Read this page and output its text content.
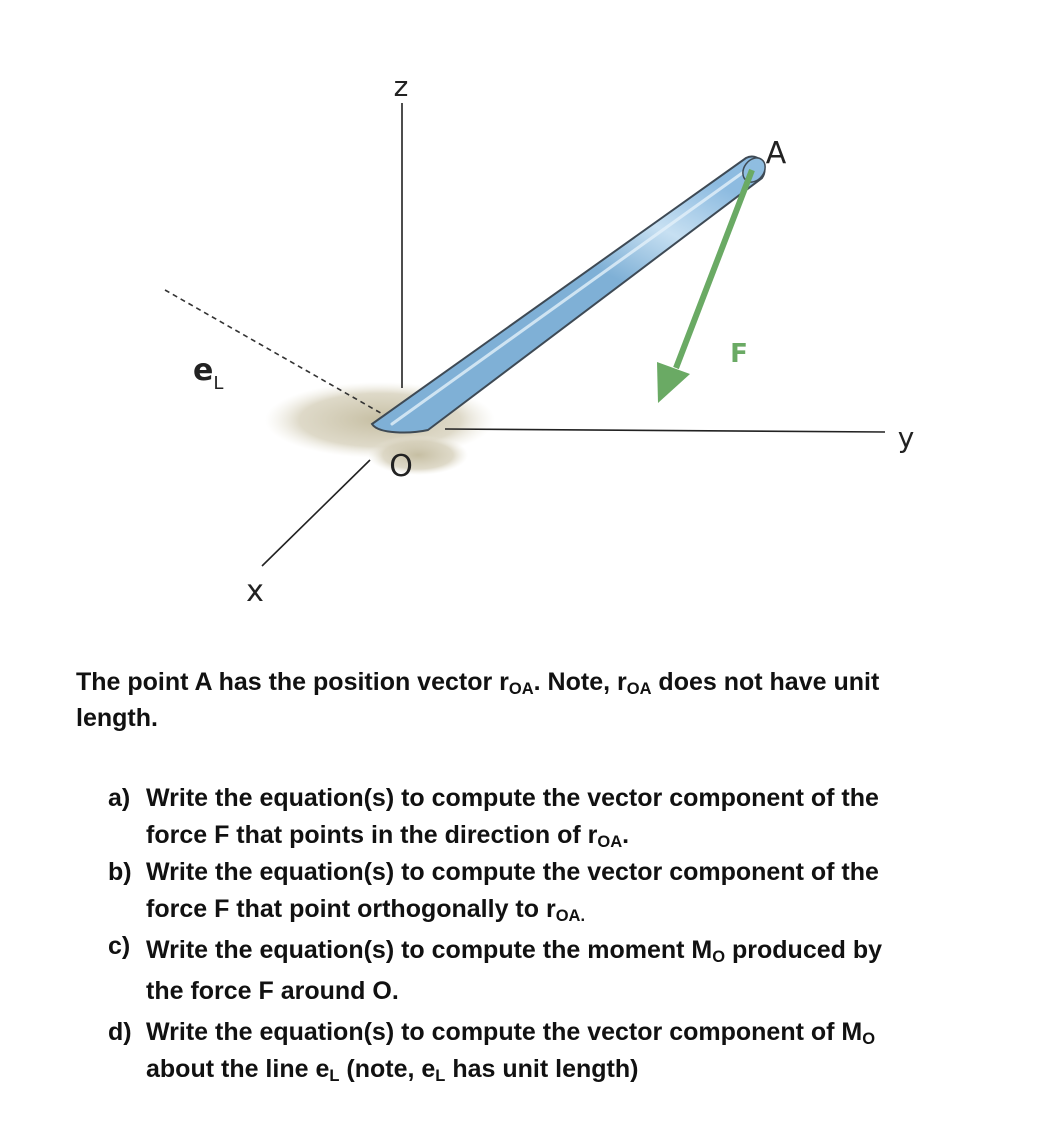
z
A
F
y
O
x
$e_L$
The point A has the position vector $r_{OA}$. Note, $r_{OA}$ does not have unit
length.
a) Write the equation(s) to compute the vector component of the
force F that points in the direction of $r_{OA}$.
b) Write the equation(s) to compute the vector component of the
force F that point orthogonally to $r_{OA.}$
c) Write the equation(s) to compute the moment $M_O$ produced by
the force F around O.
d) Write the equation(s) to compute the vector component of $M_O$
about the line $e_L$ (note, $e_L$ has unit length)
